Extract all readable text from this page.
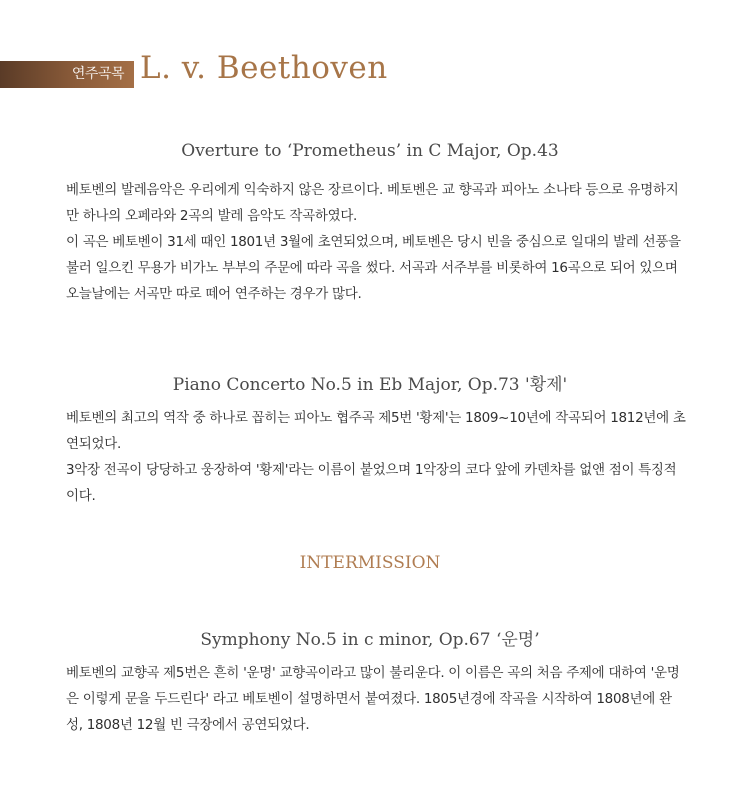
연주곡목 L. v. Beethoven
Overture to ‘Prometheus’ in C Major, Op.43

베토벤의 발레음악은 우리에게 익숙하지 않은 장르이다. 베토벤은 교 향곡과 피아노 소나타 등으로 유명하지만 하나의 오페라와 2곡의 발레 음악도 작곡하였다.

이 곡은 베토벤이 31세 때인 1801년 3월에 초연되었으며, 베토벤은 당시 빈을 중심으로 일대의 발레 선풍을 불러 일으킨 무용가 비가노 부부의 주문에 따라 곡을 썼다. 서곡과 서주부를 비롯하여 16곡으로 되어 있으며 오늘날에는 서곡만 따로 떼어 연주하는 경우가 많다.

Piano Concerto No.5 in Eb Major, Op.73 '황제'

베토벤의 최고의 역작 중 하나로 꼽히는 피아노 협주곡 제5번 '황제'는 1809~10년에 작곡되어 1812년에 초연되었다.

3악장 전곡이 당당하고 웅장하여 '황제'라는 이름이 붙었으며 1악장의 코다 앞에 카덴차를 없앤 점이 특징적이다.

INTERMISSION
Symphony No.5 in c minor, Op.67 ‘운명’

베토벤의 교향곡 제5번은 흔히 '운명' 교향곡이라고 많이 불리운다. 이 이름은 곡의 처음 주제에 대하여 '운명은 이렇게 문을 두드린다' 라고 베토벤이 설명하면서 붙여졌다. 1805년경에 작곡을 시작하여 1808년에 완성, 1808년 12월 빈 극장에서 공연되었다.
